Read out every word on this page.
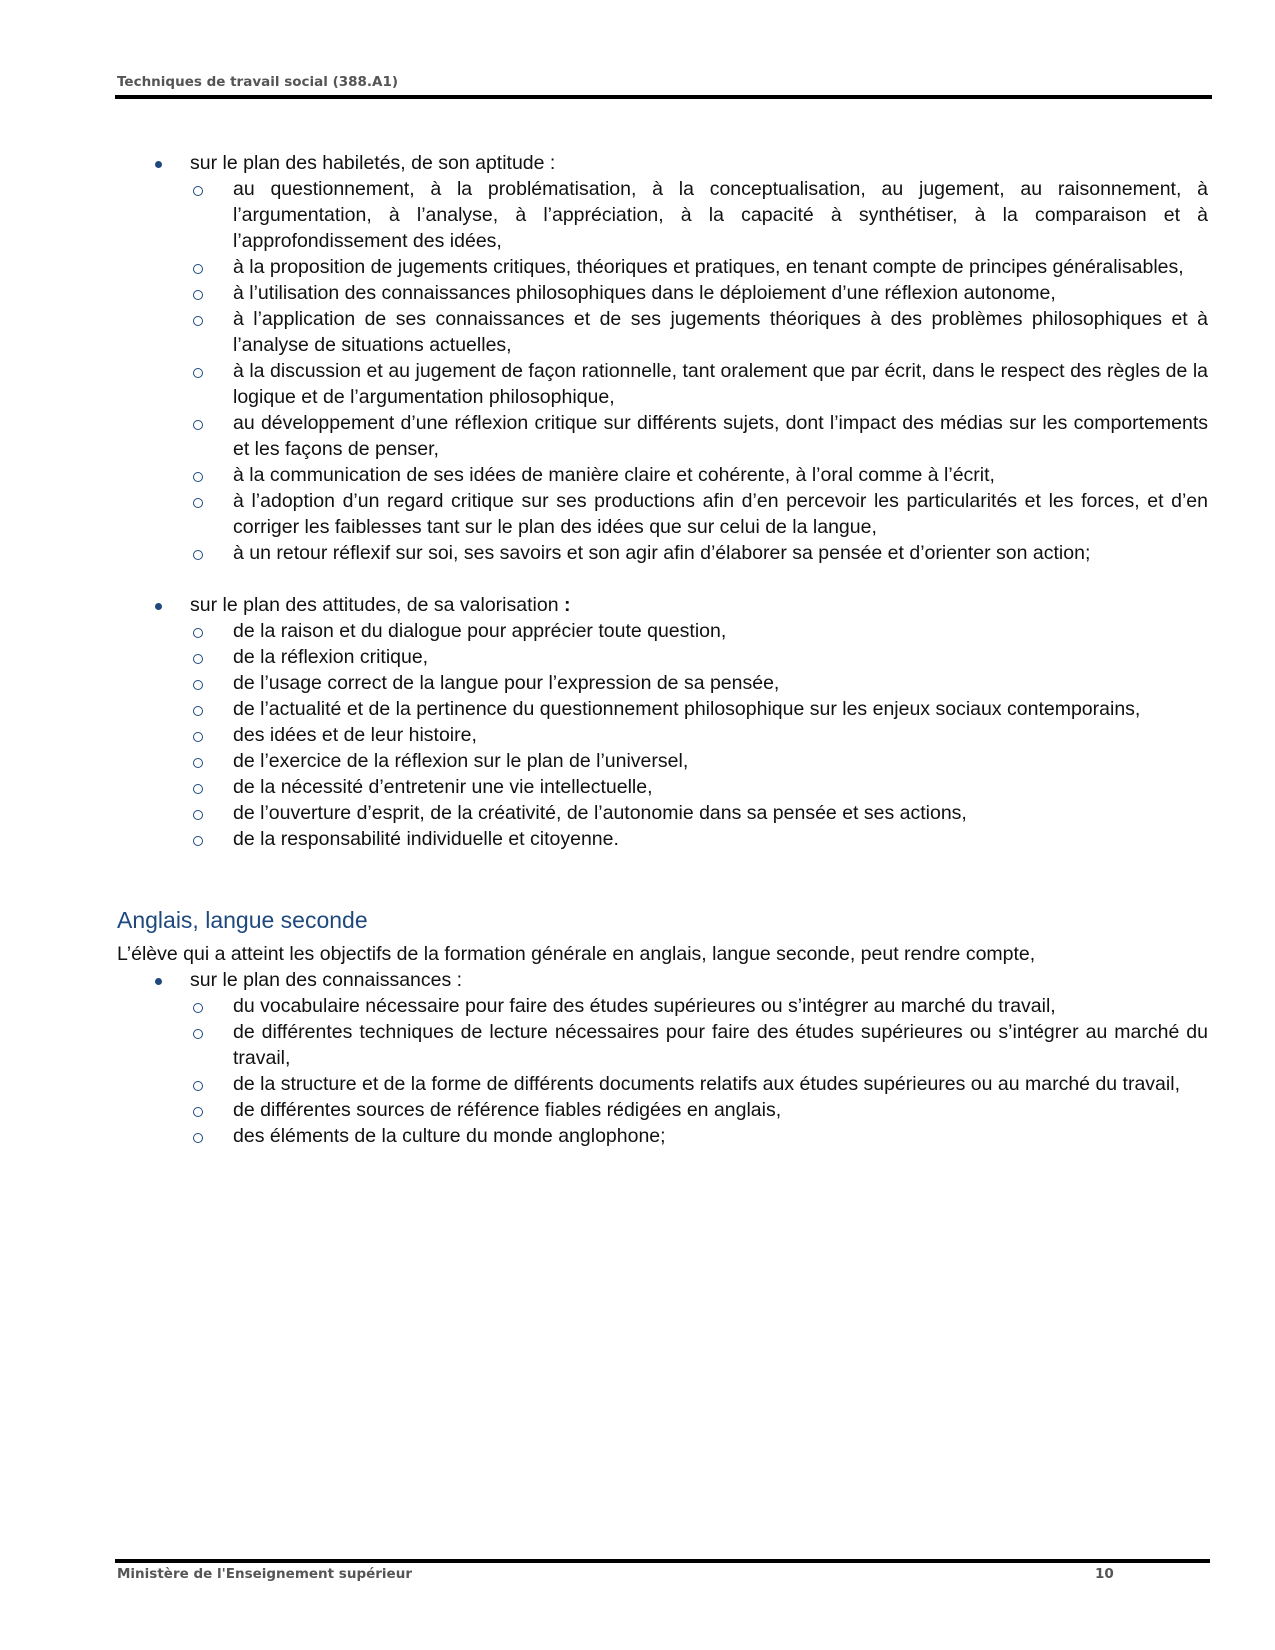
Techniques de travail social (388.A1)
sur le plan des habiletés, de son aptitude :
au questionnement, à la problématisation, à la conceptualisation, au jugement, au raisonnement, à l’argumentation, à l’analyse, à l’appréciation, à la capacité à synthétiser, à la comparaison et à l’approfondissement des idées,
à la proposition de jugements critiques, théoriques et pratiques, en tenant compte de principes généralisables,
à l’utilisation des connaissances philosophiques dans le déploiement d’une réflexion autonome,
à l’application de ses connaissances et de ses jugements théoriques à des problèmes philosophiques et à l’analyse de situations actuelles,
à la discussion et au jugement de façon rationnelle, tant oralement que par écrit, dans le respect des règles de la logique et de l’argumentation philosophique,
au développement d’une réflexion critique sur différents sujets, dont l’impact des médias sur les comportements et les façons de penser,
à la communication de ses idées de manière claire et cohérente, à l’oral comme à l’écrit,
à l’adoption d’un regard critique sur ses productions afin d’en percevoir les particularités et les forces, et d’en corriger les faiblesses tant sur le plan des idées que sur celui de la langue,
à un retour réflexif sur soi, ses savoirs et son agir afin d’élaborer sa pensée et d’orienter son action;
sur le plan des attitudes, de sa valorisation :
de la raison et du dialogue pour apprécier toute question,
de la réflexion critique,
de l’usage correct de la langue pour l’expression de sa pensée,
de l’actualité et de la pertinence du questionnement philosophique sur les enjeux sociaux contemporains,
des idées et de leur histoire,
de l’exercice de la réflexion sur le plan de l’universel,
de la nécessité d’entretenir une vie intellectuelle,
de l’ouverture d’esprit, de la créativité, de l’autonomie dans sa pensée et ses actions,
de la responsabilité individuelle et citoyenne.
Anglais, langue seconde

L’élève qui a atteint les objectifs de la formation générale en anglais, langue seconde, peut rendre compte,

sur le plan des connaissances :
du vocabulaire nécessaire pour faire des études supérieures ou s’intégrer au marché du travail,
de différentes techniques de lecture nécessaires pour faire des études supérieures ou s’intégrer au marché du travail,
de la structure et de la forme de différents documents relatifs aux études supérieures ou au marché du travail,
de différentes sources de référence fiables rédigées en anglais,
des éléments de la culture du monde anglophone;
Ministère de l'Enseignement supérieur	10
